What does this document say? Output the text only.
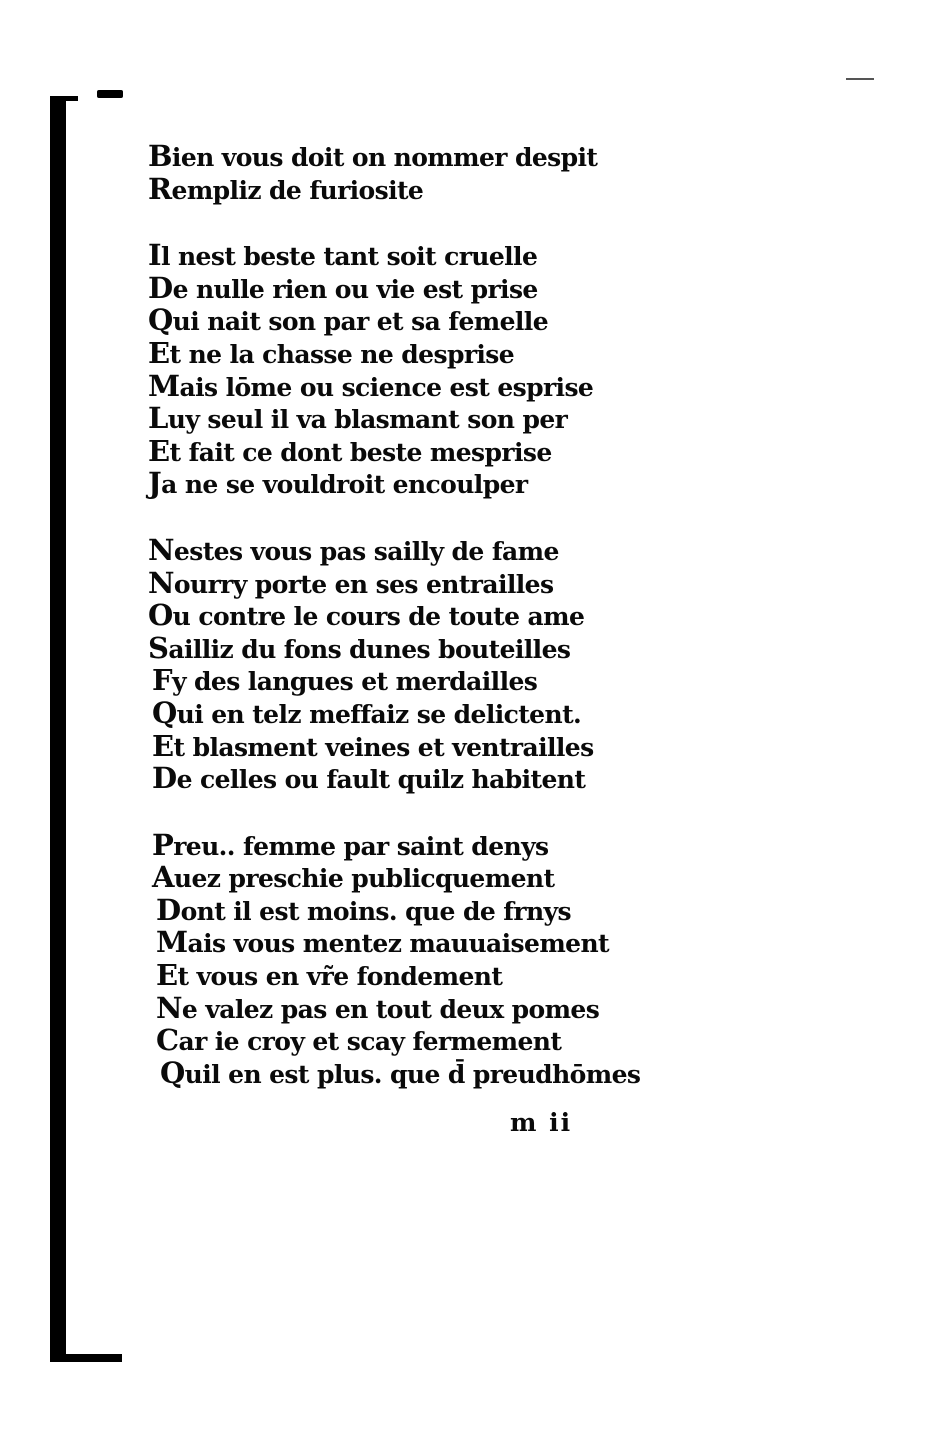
Bien vous doit on nommer despit
Rempliz de furiosite
Il nest beste tant soit cruelle
De nulle rien ou vie est prise
Qui nait son par et sa femelle
Et ne la chasse ne desprise
Mais lōme ou science est esprise
Luy seul il va blasmant son per
Et fait ce dont beste mesprise
Ja ne se vouldroit encoulper
Nestes vous pas sailly de fame
Nourry porte en ses entrailles
Ou contre le cours de toute ame
Sailliz du fons dunes bouteilles
Fy des langues et merdailles
Qui en telz meffaiz se delictent.
Et blasment veines et ventrailles
De celles ou fault quilz habitent
Preu.. femme par saint denys
Auez preschie publicquement
Dont il est moins. que de frnys
Mais vous mentez mauuaisement
Et vous en vr̃e fondement
Ne valez pas en tout deux pomes
Car ie croy et scay fermement
Quil en est plus. que d̄ preudhōmes
m ii
